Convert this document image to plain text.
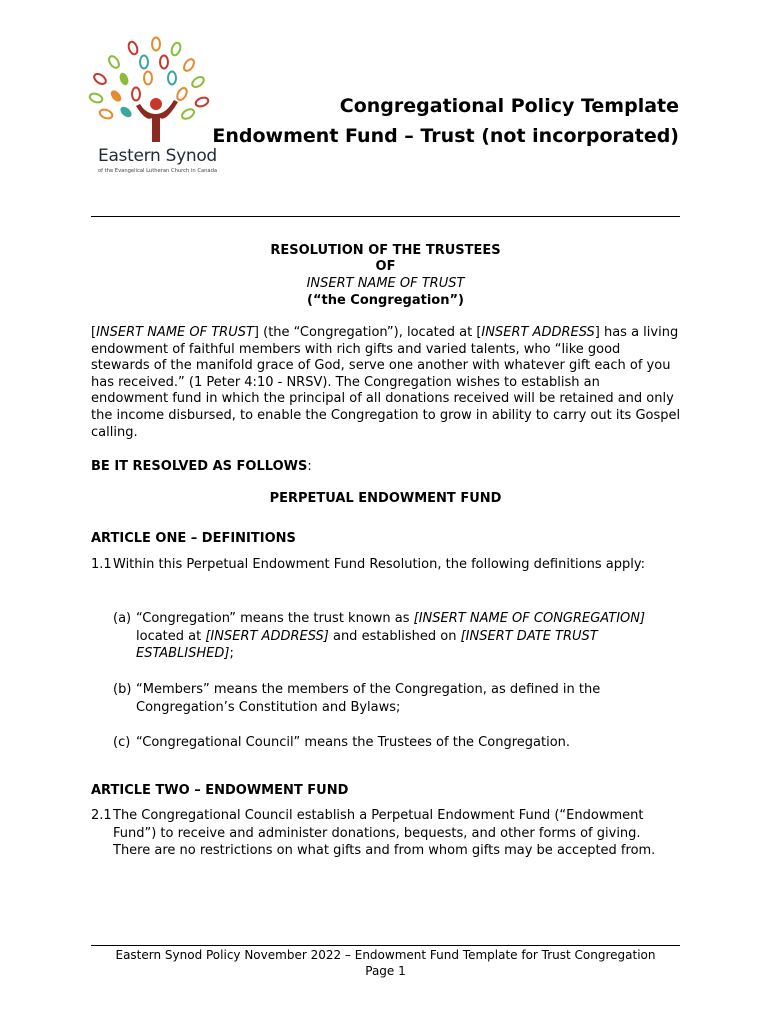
Eastern Synod
of the Evangelical Lutheran Church in Canada
Congregational Policy Template
Endowment Fund – Trust (not incorporated)
RESOLUTION OF THE TRUSTEES
OF
INSERT NAME OF TRUST
(“the Congregation”)
[INSERT NAME OF TRUST] (the “Congregation”), located at [INSERT ADDRESS] has a living endowment of faithful members with rich gifts and varied talents, who “like good stewards of the manifold grace of God, serve one another with whatever gift each of you has received.” (1 Peter 4:10 - NRSV). The Congregation wishes to establish an endowment fund in which the principal of all donations received will be retained and only the income disbursed, to enable the Congregation to grow in ability to carry out its Gospel calling.
BE IT RESOLVED AS FOLLOWS:
PERPETUAL ENDOWMENT FUND
ARTICLE ONE – DEFINITIONS
1.1 Within this Perpetual Endowment Fund Resolution, the following definitions apply:
(a) “Congregation” means the trust known as [INSERT NAME OF CONGREGATION] located at [INSERT ADDRESS] and established on [INSERT DATE TRUST ESTABLISHED];
(b) “Members” means the members of the Congregation, as defined in the Congregation’s Constitution and Bylaws;
(c) “Congregational Council” means the Trustees of the Congregation.
ARTICLE TWO – ENDOWMENT FUND
2.1 The Congregational Council establish a Perpetual Endowment Fund (“Endowment Fund”) to receive and administer donations, bequests, and other forms of giving. There are no restrictions on what gifts and from whom gifts may be accepted from.
Eastern Synod Policy November 2022 – Endowment Fund Template for Trust Congregation
Page 1
